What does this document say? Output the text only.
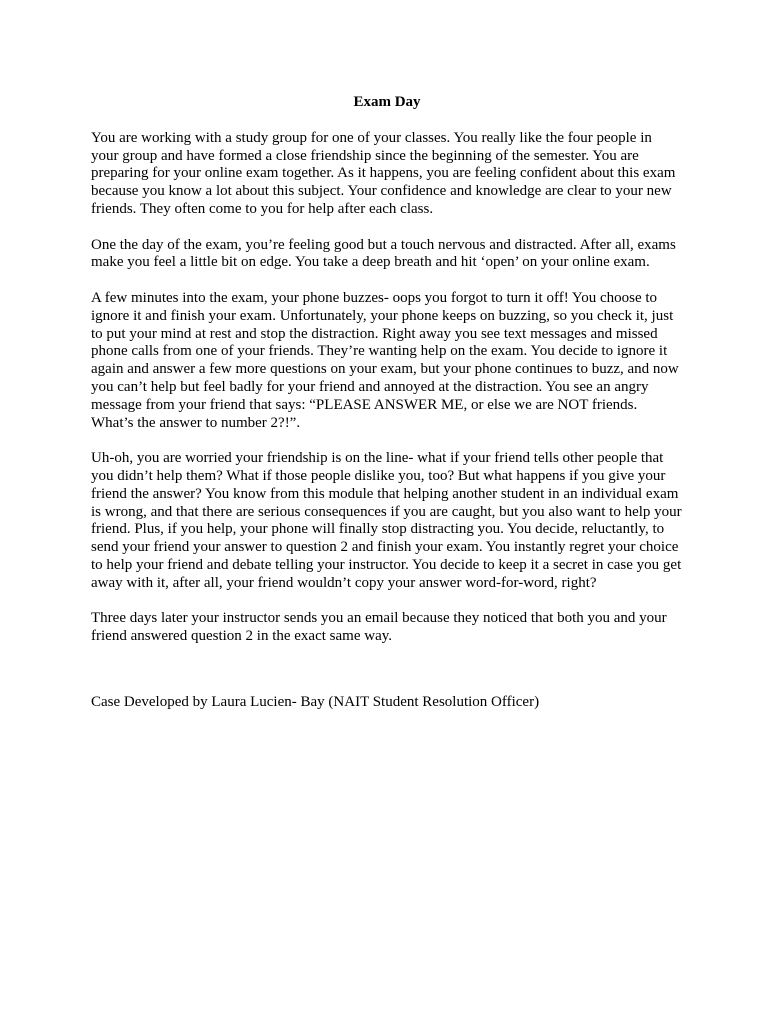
Exam Day

You are working with a study group for one of your classes. You really like the four people in your group and have formed a close friendship since the beginning of the semester. You are preparing for your online exam together. As it happens, you are feeling confident about this exam because you know a lot about this subject. Your confidence and knowledge are clear to your new friends. They often come to you for help after each class.

One the day of the exam, you’re feeling good but a touch nervous and distracted. After all, exams make you feel a little bit on edge. You take a deep breath and hit ‘open’ on your online exam.

A few minutes into the exam, your phone buzzes- oops you forgot to turn it off! You choose to ignore it and finish your exam. Unfortunately, your phone keeps on buzzing, so you check it, just to put your mind at rest and stop the distraction. Right away you see text messages and missed phone calls from one of your friends. They’re wanting help on the exam. You decide to ignore it again and answer a few more questions on your exam, but your phone continues to buzz, and now you can’t help but feel badly for your friend and annoyed at the distraction. You see an angry message from your friend that says: “PLEASE ANSWER ME, or else we are NOT friends. What’s the answer to number 2?!”.

Uh-oh, you are worried your friendship is on the line- what if your friend tells other people that you didn’t help them? What if those people dislike you, too? But what happens if you give your friend the answer? You know from this module that helping another student in an individual exam is wrong, and that there are serious consequences if you are caught, but you also want to help your friend. Plus, if you help, your phone will finally stop distracting you. You decide, reluctantly, to send your friend your answer to question 2 and finish your exam. You instantly regret your choice to help your friend and debate telling your instructor. You decide to keep it a secret in case you get away with it, after all, your friend wouldn’t copy your answer word-for-word, right?

Three days later your instructor sends you an email because they noticed that both you and your friend answered question 2 in the exact same way.

Case Developed by Laura Lucien- Bay (NAIT Student Resolution Officer)
